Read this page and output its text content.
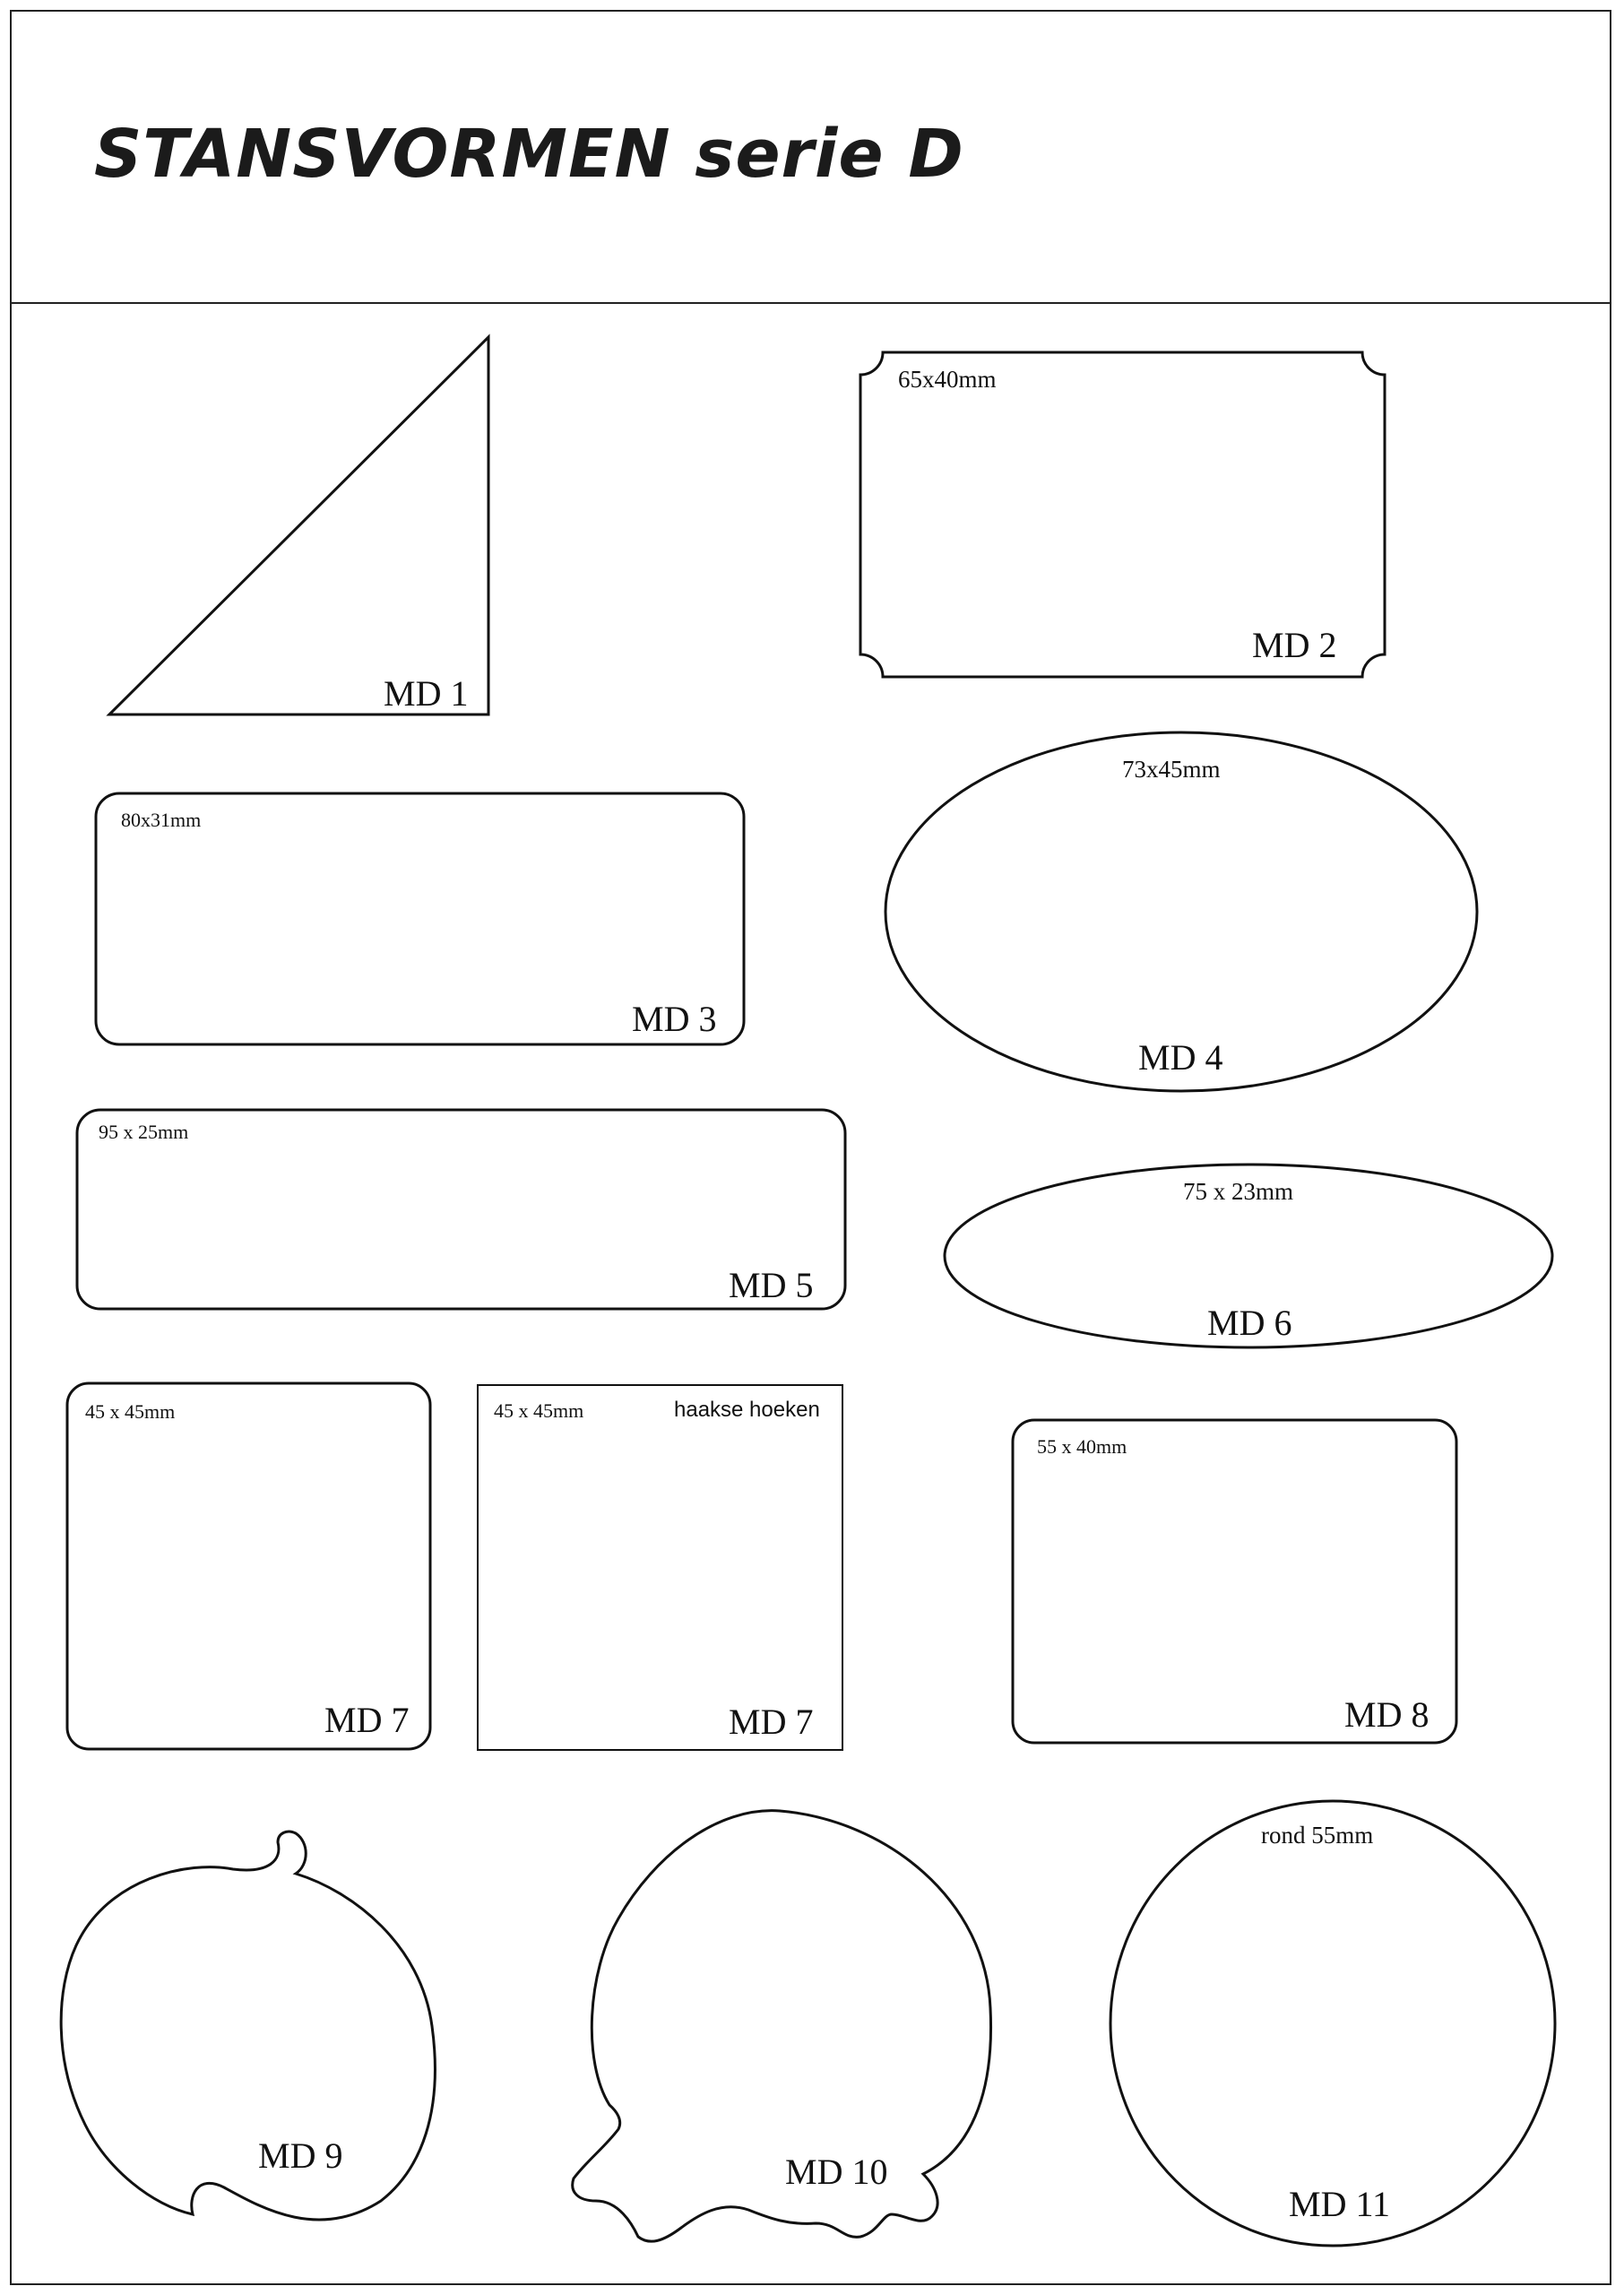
MD 1
65x40mm
MD 2
80x31mm
MD 3
73x45mm
MD 4
95 x 25mm
MD 5
75 x 23mm
MD 6
45 x 45mm
MD 7
45 x 45mm	haakse hoeken
MD 7
55 x 40mm
MD 8
MD 9	MD 10
rond 55mm
MD 11
STANSVORMEN serie D
